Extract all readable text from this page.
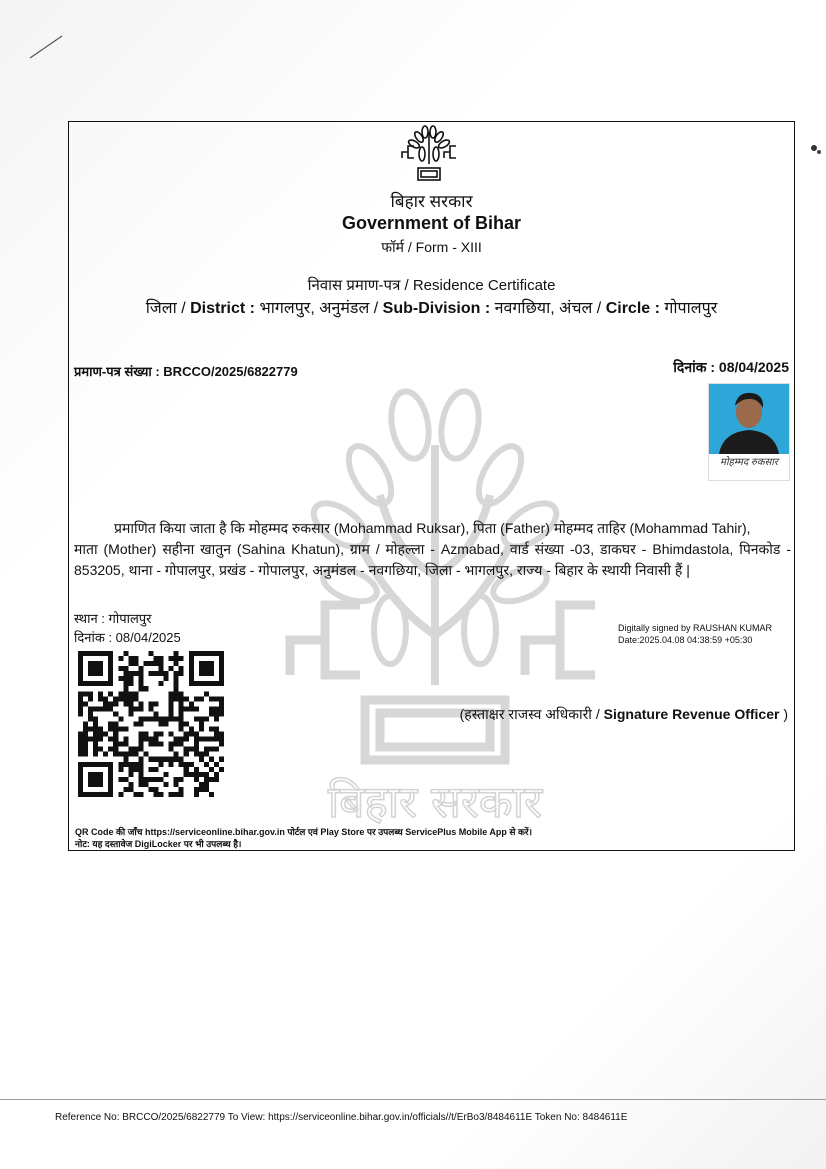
बिहार सरकार
बिहार सरकार
Government of Bihar
फॉर्म / Form - XIII
निवास प्रमाण-पत्र / Residence Certificate
जिला / District : भागलपुर, अनुमंडल / Sub-Division : नवगछिया, अंचल / Circle : गोपालपुर
प्रमाण-पत्र संख्या : BRCCO/2025/6822779	दिनांक : 08/04/2025
मोहम्मद रुकसार
प्रमाणित किया जाता है कि मोहम्मद रुकसार (Mohammad Ruksar), पिता (Father) मोहम्मद ताहिर (Mohammad Tahir),
माता (Mother) सहीना खातुन (Sahina Khatun), ग्राम / मोहल्ला - Azmabad, वार्ड संख्या -03, डाकघर - Bhimdastola, पिनकोड - 853205, थाना - गोपालपुर, प्रखंड - गोपालपुर, अनुमंडल - नवगछिया, जिला - भागलपुर, राज्य - बिहार के स्थायी निवासी हैं |
स्थान : गोपालपुर
दिनांक : 08/04/2025
Digitally signed by RAUSHAN KUMAR
Date:2025.04.08 04:38:59 +05:30
(हस्ताक्षर राजस्व अधिकारी / Signature Revenue Officer )
QR Code की जाँच https://serviceonline.bihar.gov.in पोर्टल एवं Play Store पर उपलब्ध ServicePlus Mobile App से करें।
नोट: यह दस्तावेज DigiLocker पर भी उपलब्ध है।
Reference No: BRCCO/2025/6822779 To View: https://serviceonline.bihar.gov.in/officials//t/ErBo3/8484611E Token No: 8484611E
